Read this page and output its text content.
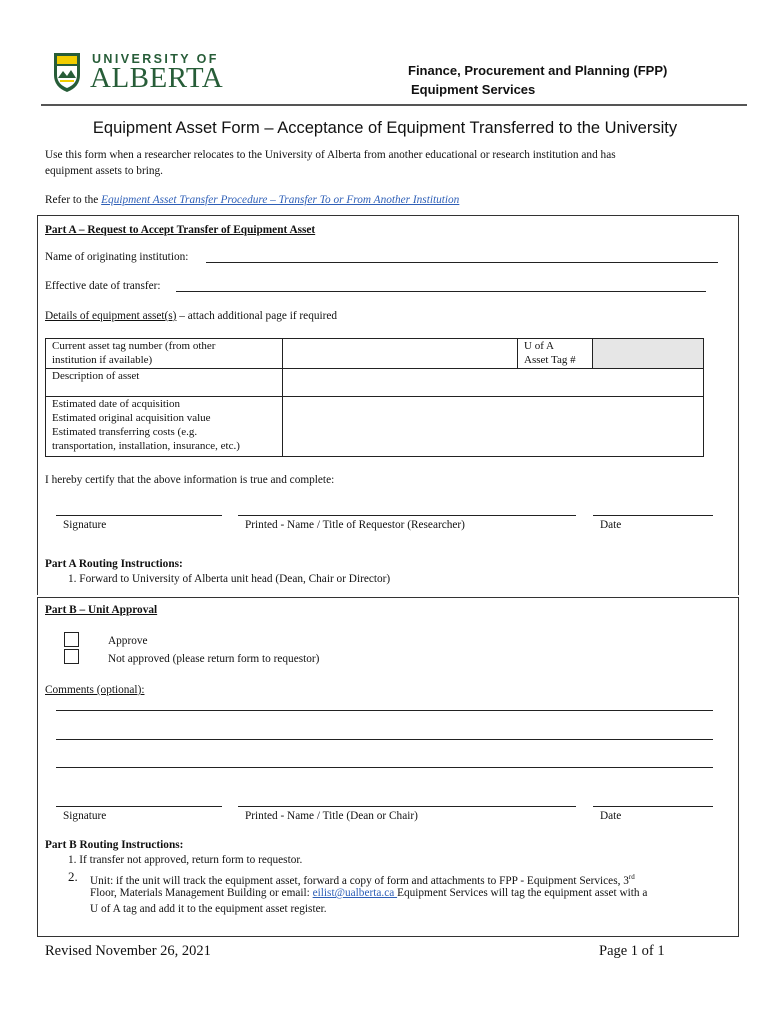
UNIVERSITY OF
ALBERTA	Finance, Procurement and Planning (FPP)
Equipment Services
Equipment Asset Form – Acceptance of Equipment Transferred to the University
Use this form when a researcher relocates to the University of Alberta from another educational or research institution and has
equipment assets to bring.
Refer to the Equipment Asset Transfer Procedure – Transfer To or From Another Institution
Part A – Request to Accept Transfer of Equipment Asset
Name of originating institution:
Effective date of transfer:
Details of equipment asset(s) – attach additional page if required
Current asset tag number (from other
institution if available)		U of A
Asset Tag #	
Description of asset			

Estimated date of acquisition
Estimated original acquisition value
Estimated transferring costs (e.g.
transportation, installation, insurance, etc.)			

I hereby certify that the above information is true and complete:
Signature	Printed - Name / Title of Requestor (Researcher)	Date
Part A Routing Instructions:
1. Forward to University of Alberta unit head (Dean, Chair or Director)
Part B – Unit Approval
Approve
Not approved (please return form to requestor)
Comments (optional):
Signature	Printed - Name / Title (Dean or Chair)	Date
Part B Routing Instructions:
1. If transfer not approved, return form to requestor.
2. Unit: if the unit will track the equipment asset, forward a copy of form and attachments to FPP - Equipment Services, 3rd
Floor, Materials Management Building or email: eilist@ualberta.ca Equipment Services will tag the equipment asset with a
U of A tag and add it to the equipment asset register.
Revised November 26, 2021	Page 1 of 1
